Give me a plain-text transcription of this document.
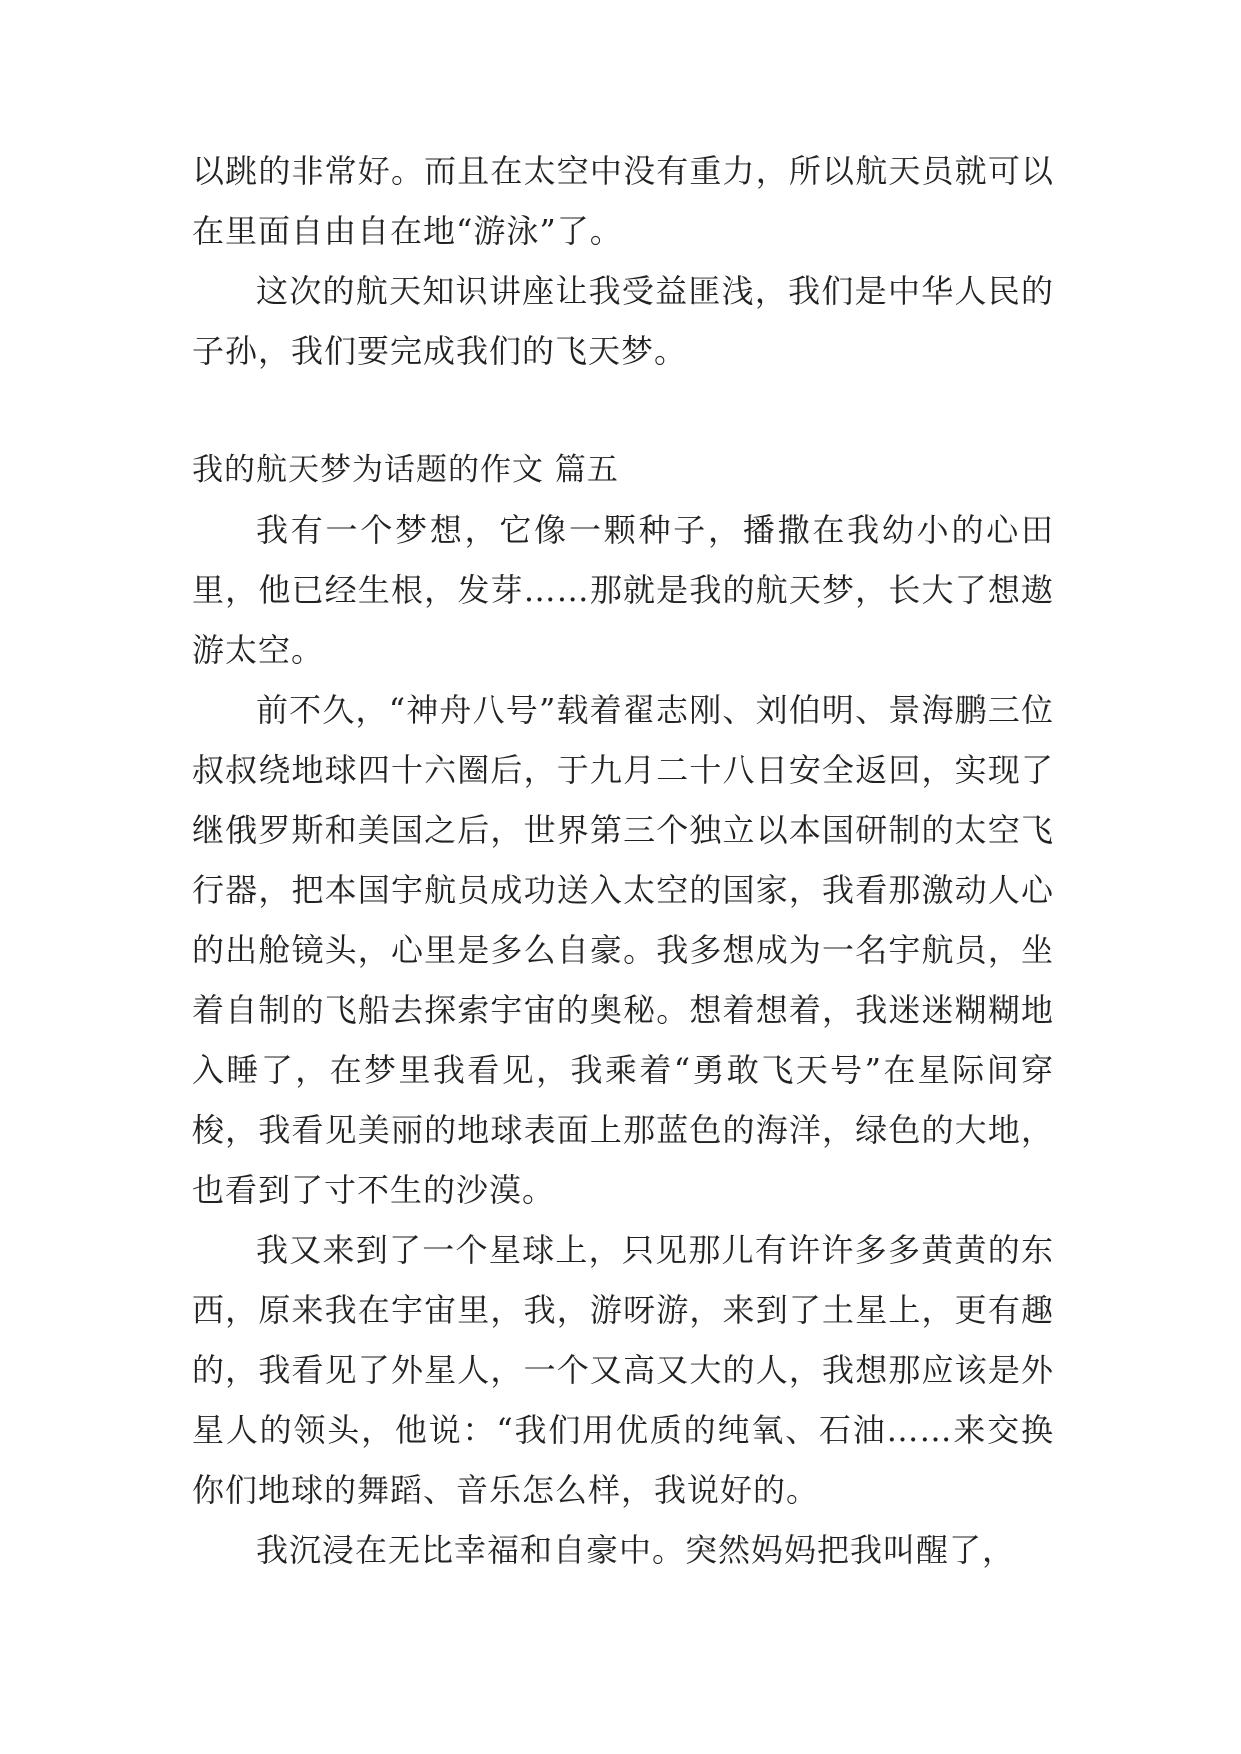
以跳的非常好。而且在太空中没有重力，所以航天员就可以在里面自由自在地“游泳”了。

这次的航天知识讲座让我受益匪浅，我们是中华人民的子孙，我们要完成我们的飞天梦。

我的航天梦为话题的作文 篇五

我有一个梦想，它像一颗种子，播撒在我幼小的心田里，他已经生根，发芽……那就是我的航天梦，长大了想遨游太空。

前不久，“神舟八号”载着翟志刚、刘伯明、景海鹏三位叔叔绕地球四十六圈后，于九月二十八日安全返回，实现了继俄罗斯和美国之后，世界第三个独立以本国研制的太空飞行器，把本国宇航员成功送入太空的国家，我看那激动人心的出舱镜头，心里是多么自豪。我多想成为一名宇航员，坐着自制的飞船去探索宇宙的奥秘。想着想着，我迷迷糊糊地入睡了，在梦里我看见，我乘着“勇敢飞天号”在星际间穿梭，我看见美丽的地球表面上那蓝色的海洋，绿色的大地，也看到了寸不生的沙漠。

我又来到了一个星球上，只见那儿有许许多多黄黄的东西，原来我在宇宙里，我，游呀游，来到了土星上，更有趣的，我看见了外星人，一个又高又大的人，我想那应该是外星人的领头，他说：“我们用优质的纯氧、石油……来交换你们地球的舞蹈、音乐怎么样，我说好的。

我沉浸在无比幸福和自豪中。突然妈妈把我叫醒了，
